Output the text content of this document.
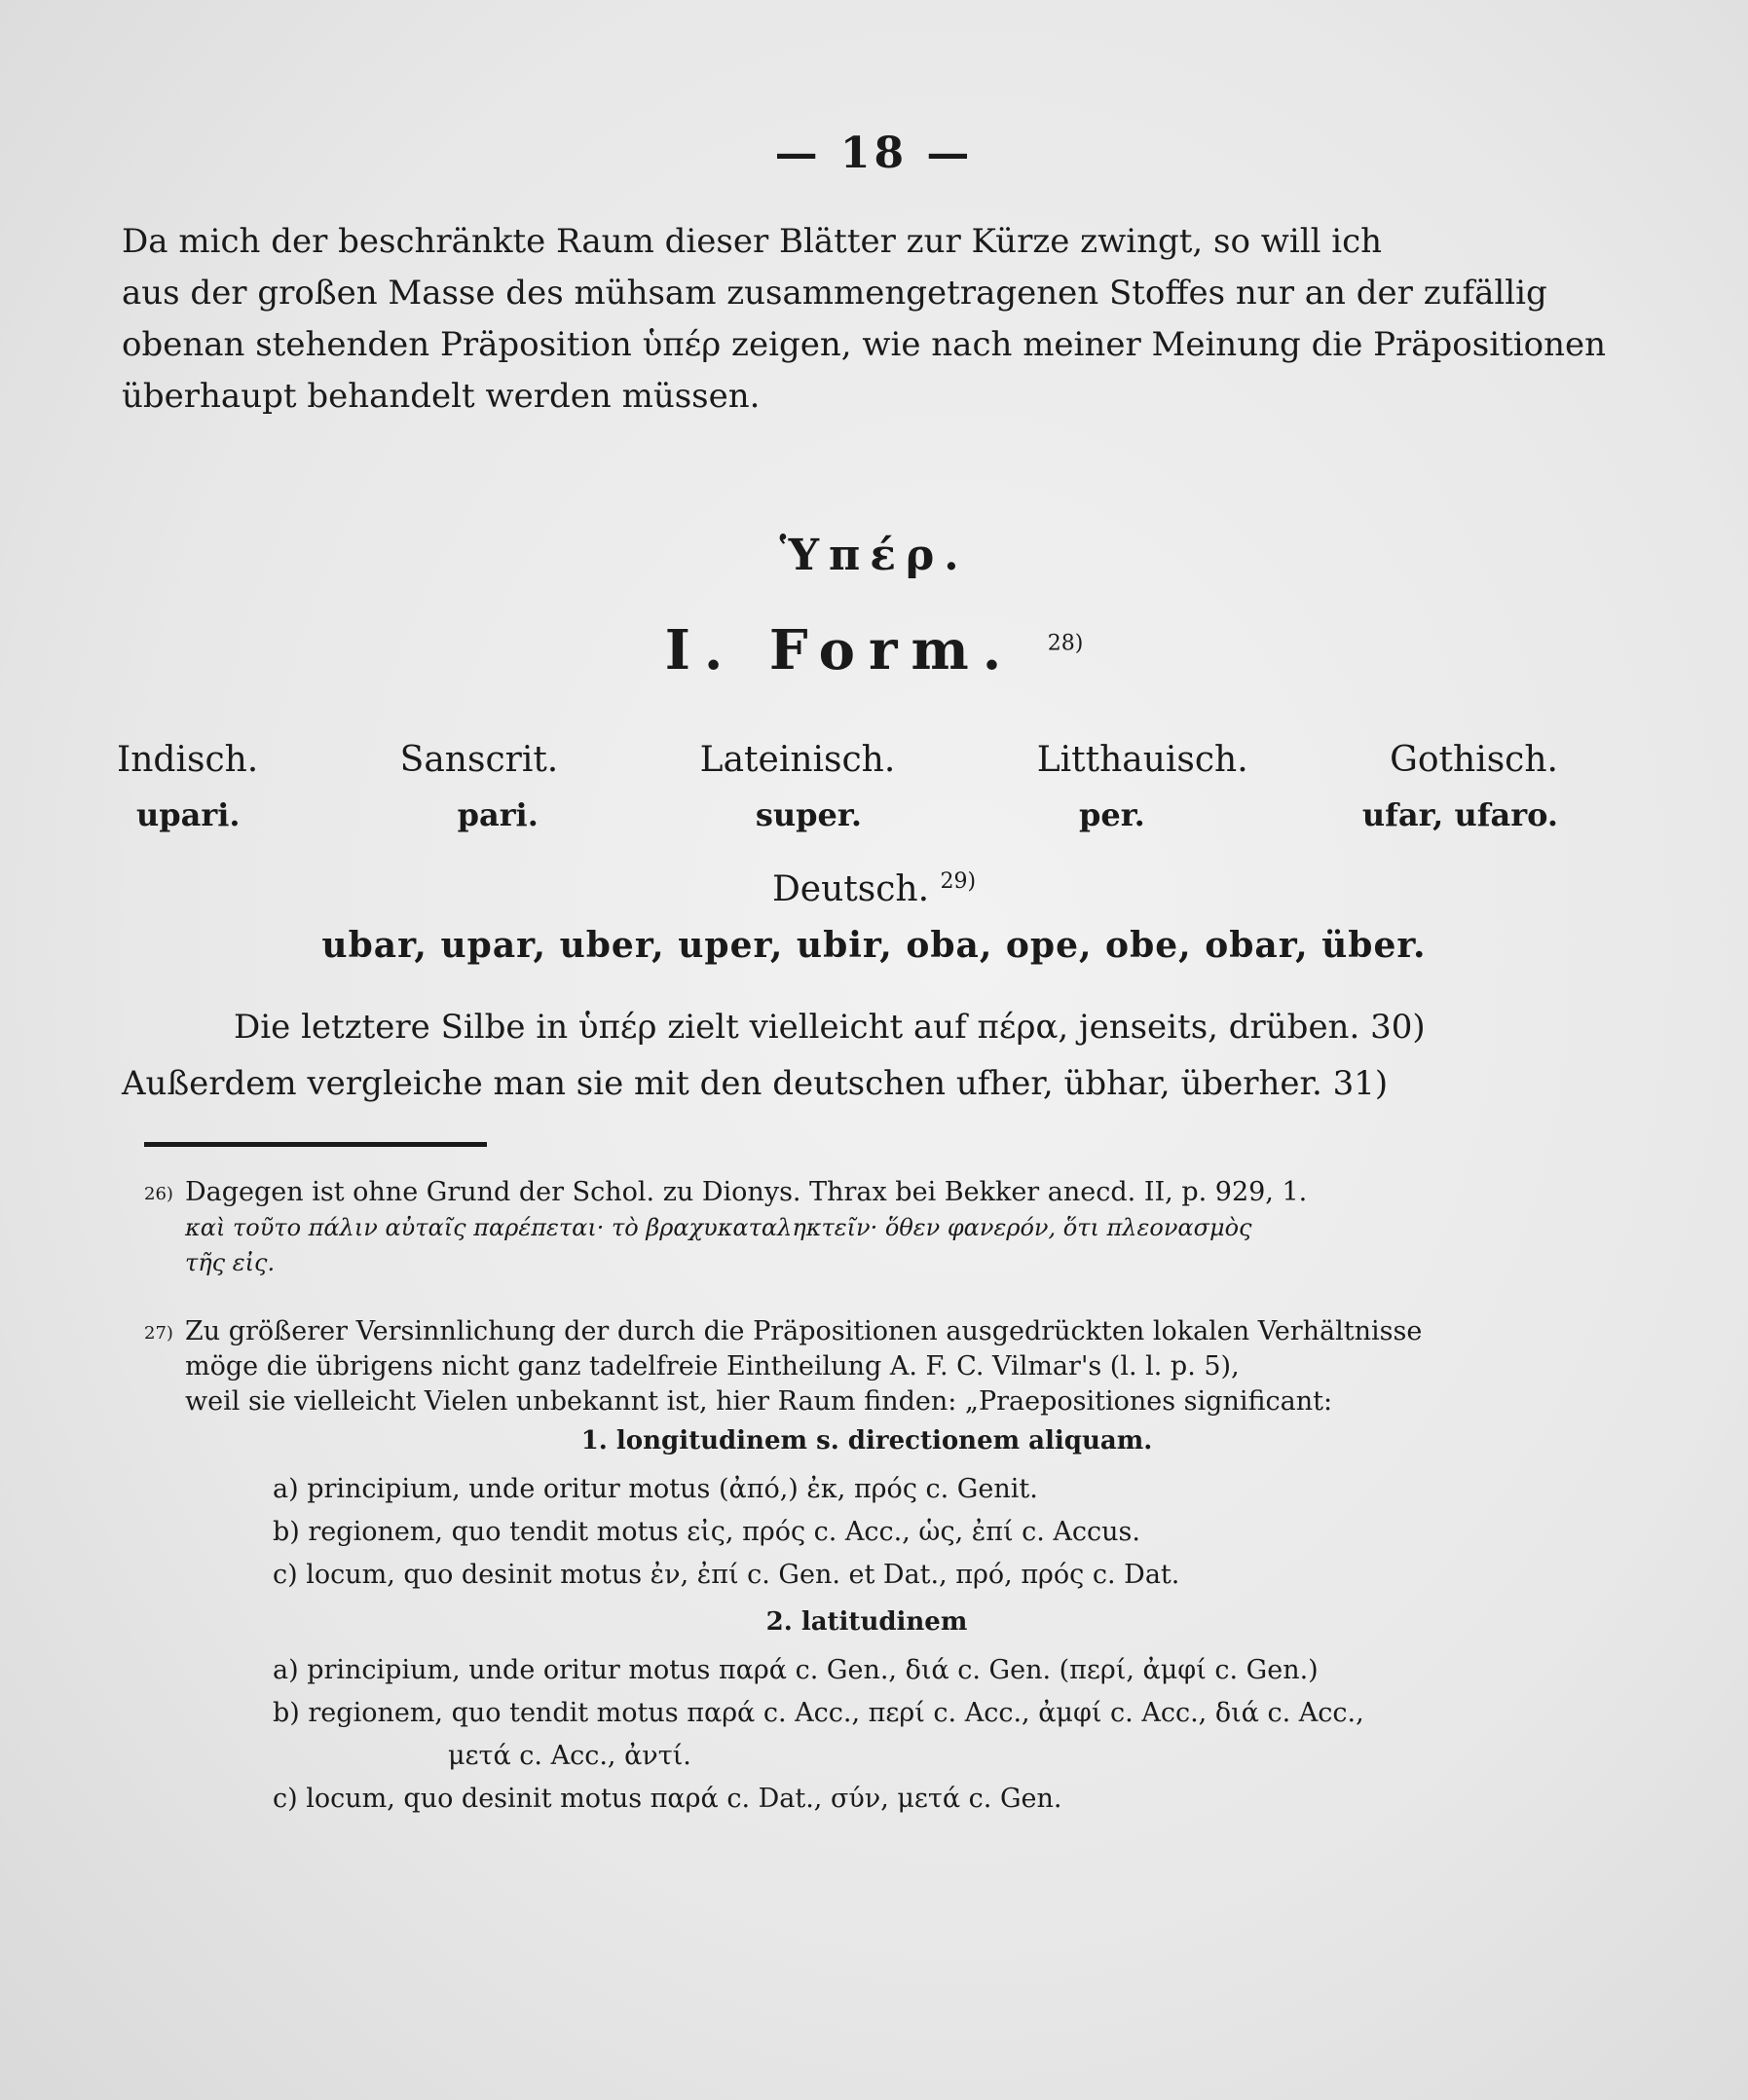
— 18 —
Da mich der beschränkte Raum dieser Blätter zur Kürze zwingt, so will ich
aus der großen Masse des mühsam zusammengetragenen Stoffes nur an der zufällig
obenan stehenden Präposition ὑπέρ zeigen, wie nach meiner Meinung die Präpositionen
überhaupt behandelt werden müssen.
Ὑπέρ.
I. Form. $^{28)}$
Indisch.	Sanscrit.	Lateinisch.	Litthauisch.	Gothisch.
upari.	pari.	super.	per.	ufar, ufaro.
Deutsch. $^{29)}$
ubar, upar, uber, uper, ubir, oba, ope, obe, obar, über.
Die letztere Silbe in ὑπέρ zielt vielleicht auf πέρα, jenseits, drüben. 30)
Außerdem vergleiche man sie mit den deutschen ufher, übhar, überher. 31)
26) Dagegen ist ohne Grund der Schol. zu Dionys. Thrax bei Bekker anecd. II, p. 929, 1.
καὶ τοῦτο πάλιν αὐταῖς παρέπεται· τὸ βραχυκαταληκτεῖν· ὅθεν φανερόν, ὅτι πλεονασμὸς
τῆς εἰς.
27) Zu größerer Versinnlichung der durch die Präpositionen ausgedrückten lokalen Verhältnisse
möge die übrigens nicht ganz tadelfreie Eintheilung A. F. C. Vilmar's (l. l. p. 5),
weil sie vielleicht Vielen unbekannt ist, hier Raum finden: „Praepositiones significant:
1. longitudinem s. directionem aliquam.
a) principium, unde oritur motus (ἀπό,) ἐκ, πρός c. Genit.
b) regionem, quo tendit motus εἰς, πρός c. Acc., ὡς, ἐπί c. Accus.
c) locum, quo desinit motus ἐν, ἐπί c. Gen. et Dat., πρό, πρός c. Dat.
2. latitudinem
a) principium, unde oritur motus παρά c. Gen., διά c. Gen. (περί, ἀμφί c. Gen.)
b) regionem, quo tendit motus παρά c. Acc., περί c. Acc., ἀμφί c. Acc., διά c. Acc.,
μετά c. Acc., ἀντί.
c) locum, quo desinit motus παρά c. Dat., σύν, μετά c. Gen.
